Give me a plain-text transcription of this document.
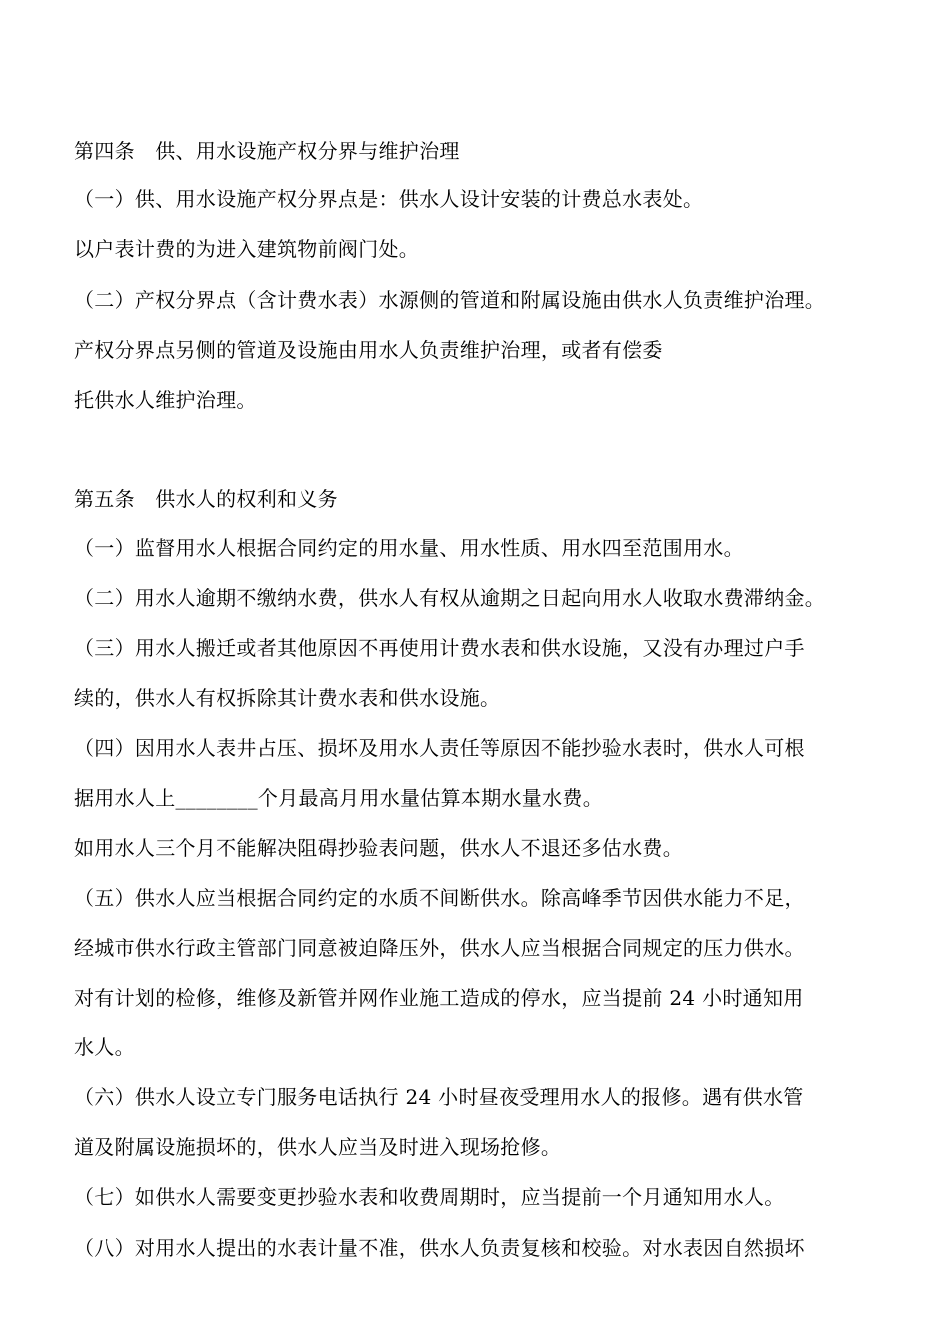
第四条　供、用水设施产权分界与维护治理
（一）供、用水设施产权分界点是：供水人设计安装的计费总水表处。
以户表计费的为进入建筑物前阀门处。
（二）产权分界点（含计费水表）水源侧的管道和附属设施由供水人负责维护治理。
产权分界点另侧的管道及设施由用水人负责维护治理，或者有偿委
托供水人维护治理。
第五条　供水人的权利和义务
（一）监督用水人根据合同约定的用水量、用水性质、用水四至范围用水。
（二）用水人逾期不缴纳水费，供水人有权从逾期之日起向用水人收取水费滞纳金。
（三）用水人搬迁或者其他原因不再使用计费水表和供水设施，又没有办理过户手
续的，供水人有权拆除其计费水表和供水设施。
（四）因用水人表井占压、损坏及用水人责任等原因不能抄验水表时，供水人可根
据用水人上________个月最高月用水量估算本期水量水费。
如用水人三个月不能解决阻碍抄验表问题，供水人不退还多估水费。
（五）供水人应当根据合同约定的水质不间断供水。除高峰季节因供水能力不足，
经城市供水行政主管部门同意被迫降压外，供水人应当根据合同规定的压力供水。
对有计划的检修，维修及新管并网作业施工造成的停水，应当提前 24 小时通知用
水人。
（六）供水人设立专门服务电话执行 24 小时昼夜受理用水人的报修。遇有供水管
道及附属设施损坏的，供水人应当及时进入现场抢修。
（七）如供水人需要变更抄验水表和收费周期时，应当提前一个月通知用水人。
（八）对用水人提出的水表计量不准，供水人负责复核和校验。对水表因自然损坏
